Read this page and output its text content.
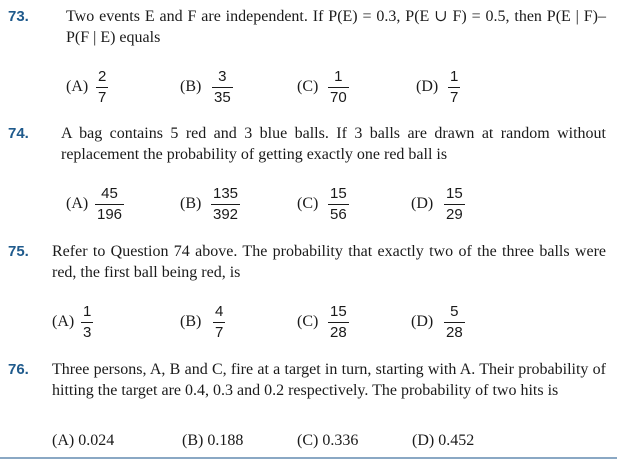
73. Two events E and F are independent. If P(E) = 0.3, P(E ∪ F) = 0.5, then P(E | F)–P(F | E) equals
(A)
2
7
(B)
3
35
(C)
1
70
(D)
1
7
74. A bag contains 5 red and 3 blue balls. If 3 balls are drawn at random without replacement the probability of getting exactly one red ball is
(A)
45
196
(B)
135
392
(C)
15
56
(D)
15
29
75. Refer to Question 74 above. The probability that exactly two of the three balls were red, the first ball being red, is
(A)
1
3
(B)
4
7
(C)
15
28
(D)
5
28
76. Three persons, A, B and C, fire at a target in turn, starting with A. Their probability of hitting the target are 0.4, 0.3 and 0.2 respectively. The probability of two hits is
(A) 0.024	(B) 0.188	(C) 0.336	(D) 0.452
